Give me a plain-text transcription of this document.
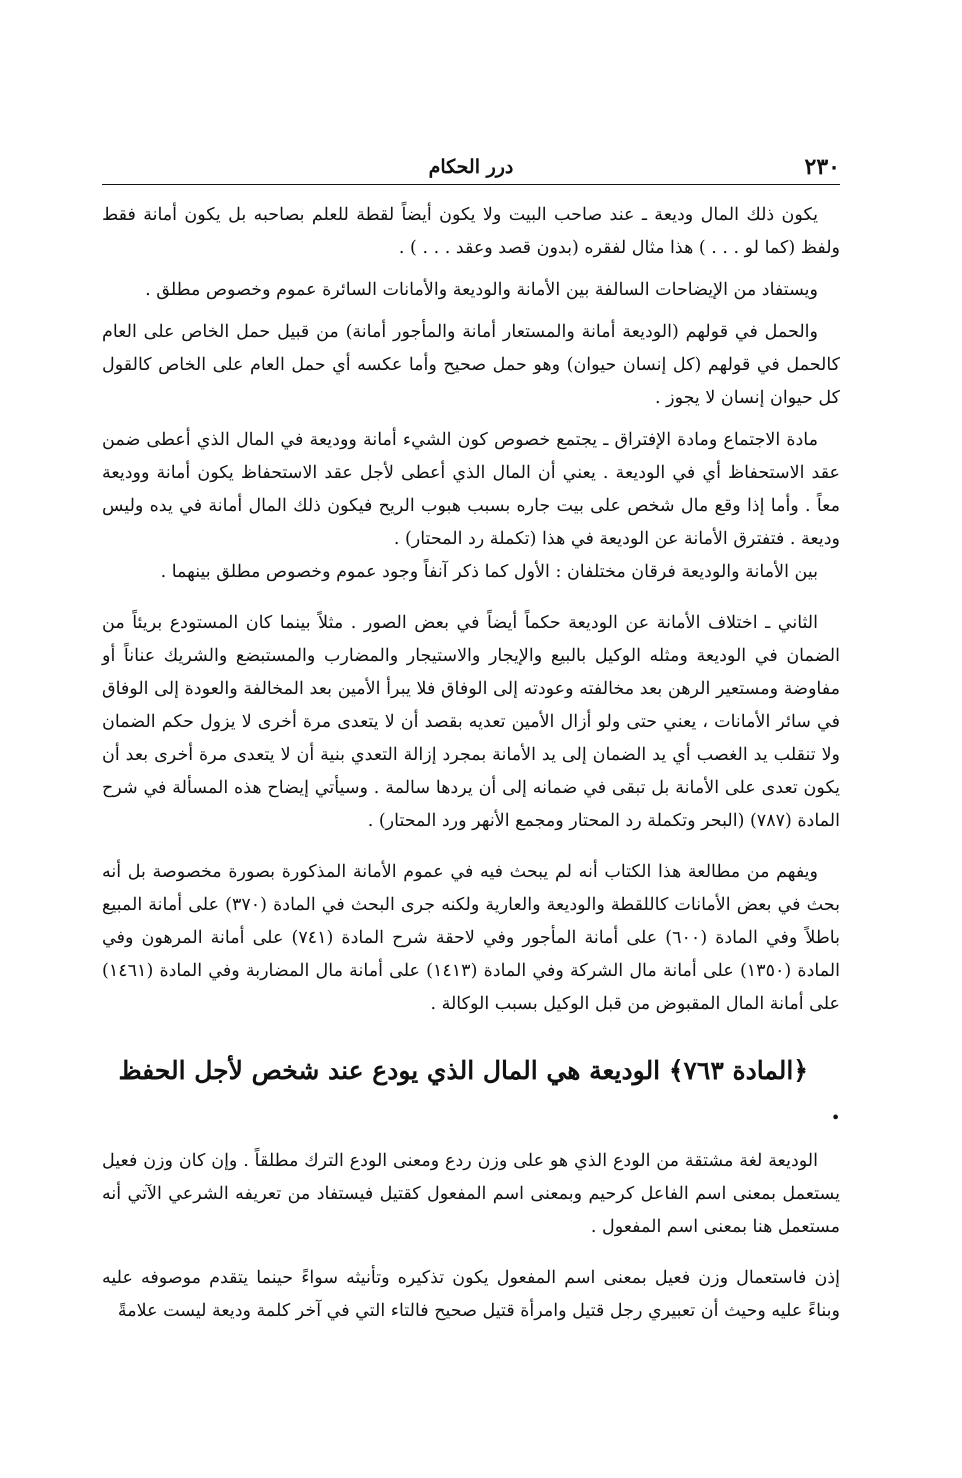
٢٣٠
درر الحكام

يكون ذلك المال وديعة ـ عند صاحب البيت ولا يكون أيضاً لقطة للعلم بصاحبه بل يكون أمانة فقط ولفظ (كما لو . . . ) هذا مثال لفقره (بدون قصد وعقد . . . ) .

ويستفاد من الإيضاحات السالفة بين الأمانة والوديعة والأمانات السائرة عموم وخصوص مطلق .

والحمل في قولهم (الوديعة أمانة والمستعار أمانة والمأجور أمانة) من قبيل حمل الخاص على العام كالحمل في قولهم (كل إنسان حيوان) وهو حمل صحيح وأما عكسه أي حمل العام على الخاص كالقول كل حيوان إنسان لا يجوز .

مادة الاجتماع ومادة الإفتراق ـ يجتمع خصوص كون الشيء أمانة ووديعة في المال الذي أعطى ضمن عقد الاستحفاظ أي في الوديعة . يعني أن المال الذي أعطى لأجل عقد الاستحفاظ يكون أمانة ووديعة معاً . وأما إذا وقع مال شخص على بيت جاره بسبب هبوب الريح فيكون ذلك المال أمانة في يده وليس وديعة . فتفترق الأمانة عن الوديعة في هذا (تكملة رد المحتار) .

بين الأمانة والوديعة فرقان مختلفان : الأول كما ذكر آنفاً وجود عموم وخصوص مطلق بينهما .

الثاني ـ اختلاف الأمانة عن الوديعة حكماً أيضاً في بعض الصور . مثلاً بينما كان المستودع بريئاً من الضمان في الوديعة ومثله الوكيل بالبيع والإيجار والاستيجار والمضارب والمستبضع والشريك عناناً أو مفاوضة ومستعير الرهن بعد مخالفته وعودته إلى الوفاق فلا يبرأ الأمين بعد المخالفة والعودة إلى الوفاق في سائر الأمانات ، يعني حتى ولو أزال الأمين تعديه بقصد أن لا يتعدى مرة أخرى لا يزول حكم الضمان ولا تنقلب يد الغصب أي يد الضمان إلى يد الأمانة بمجرد إزالة التعدي بنية أن لا يتعدى مرة أخرى بعد أن يكون تعدى على الأمانة بل تبقى في ضمانه إلى أن يردها سالمة . وسيأتي إيضاح هذه المسألة في شرح المادة (٧٨٧) (البحر وتكملة رد المحتار ومجمع الأنهر ورد المحتار) .

ويفهم من مطالعة هذا الكتاب أنه لم يبحث فيه في عموم الأمانة المذكورة بصورة مخصوصة بل أنه بحث في بعض الأمانات كاللقطة والوديعة والعارية ولكنه جرى البحث في المادة (٣٧٠) على أمانة المبيع باطلاً وفي المادة (٦٠٠) على أمانة المأجور وفي لاحقة شرح المادة (٧٤١) على أمانة المرهون وفي المادة (١٣٥٠) على أمانة مال الشركة وفي المادة (١٤١٣) على أمانة مال المضاربة وفي المادة (١٤٦١) على أمانة المال المقبوض من قبل الوكيل بسبب الوكالة .

﴿المادة ٧٦٣﴾ الوديعة هي المال الذي يودع عند شخص لأجل الحفظ .

الوديعة لغة مشتقة من الودع الذي هو على وزن ردع ومعنى الودع الترك مطلقاً . وإن كان وزن فعيل يستعمل بمعنى اسم الفاعل كرحيم وبمعنى اسم المفعول كقتيل فيستفاد من تعريفه الشرعي الآتي أنه مستعمل هنا بمعنى اسم المفعول .

إذن فاستعمال وزن فعيل بمعنى اسم المفعول يكون تذكيره وتأنيثه سواءً حينما يتقدم موصوفه عليه وبناءً عليه وحيث أن تعبيري رجل قتيل وامرأة قتيل صحيح فالتاء التي في آخر كلمة وديعة ليست علامةً
